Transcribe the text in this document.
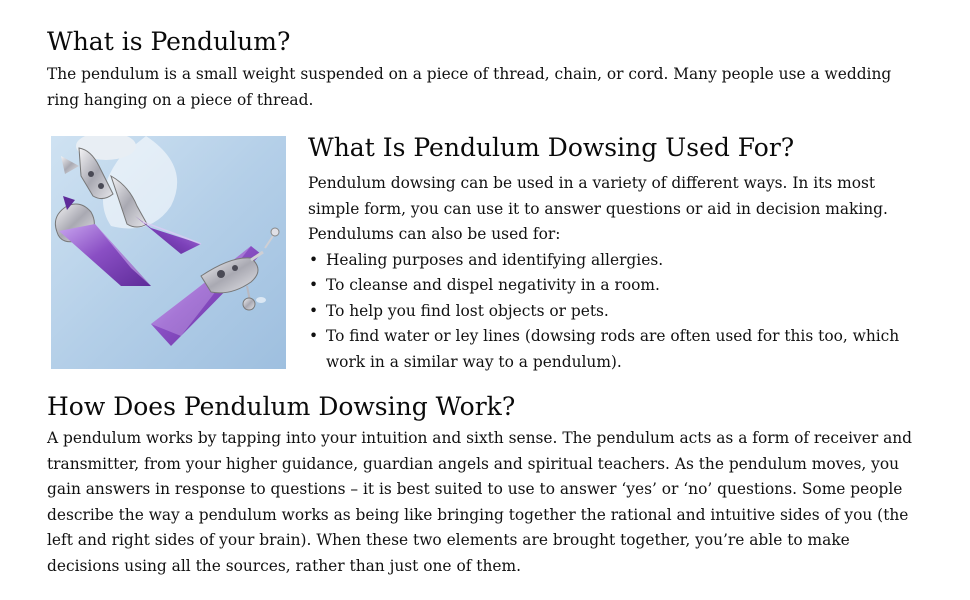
What is Pendulum?

The pendulum is a small weight suspended on a piece of thread, chain, or cord. Many people use a wedding ring hanging on a piece of thread.

What Is Pendulum Dowsing Used For?

Pendulum dowsing can be used in a variety of different ways. In its most simple form, you can use it to answer questions or aid in decision making. Pendulums can also be used for:

• Healing purposes and identifying allergies.
• To cleanse and dispel negativity in a room.
• To help you find lost objects or pets.
• To find water or ley lines (dowsing rods are often used for this too, which work in a similar way to a pendulum).
How Does Pendulum Dowsing Work?

A pendulum works by tapping into your intuition and sixth sense. The pendulum acts as a form of receiver and transmitter, from your higher guidance, guardian angels and spiritual teachers. As the pendulum moves, you gain answers in response to questions – it is best suited to use to answer ‘yes’ or ‘no’ questions. Some people describe the way a pendulum works as being like bringing together the rational and intuitive sides of you (the left and right sides of your brain). When these two elements are brought together, you’re able to make decisions using all the sources, rather than just one of them.
